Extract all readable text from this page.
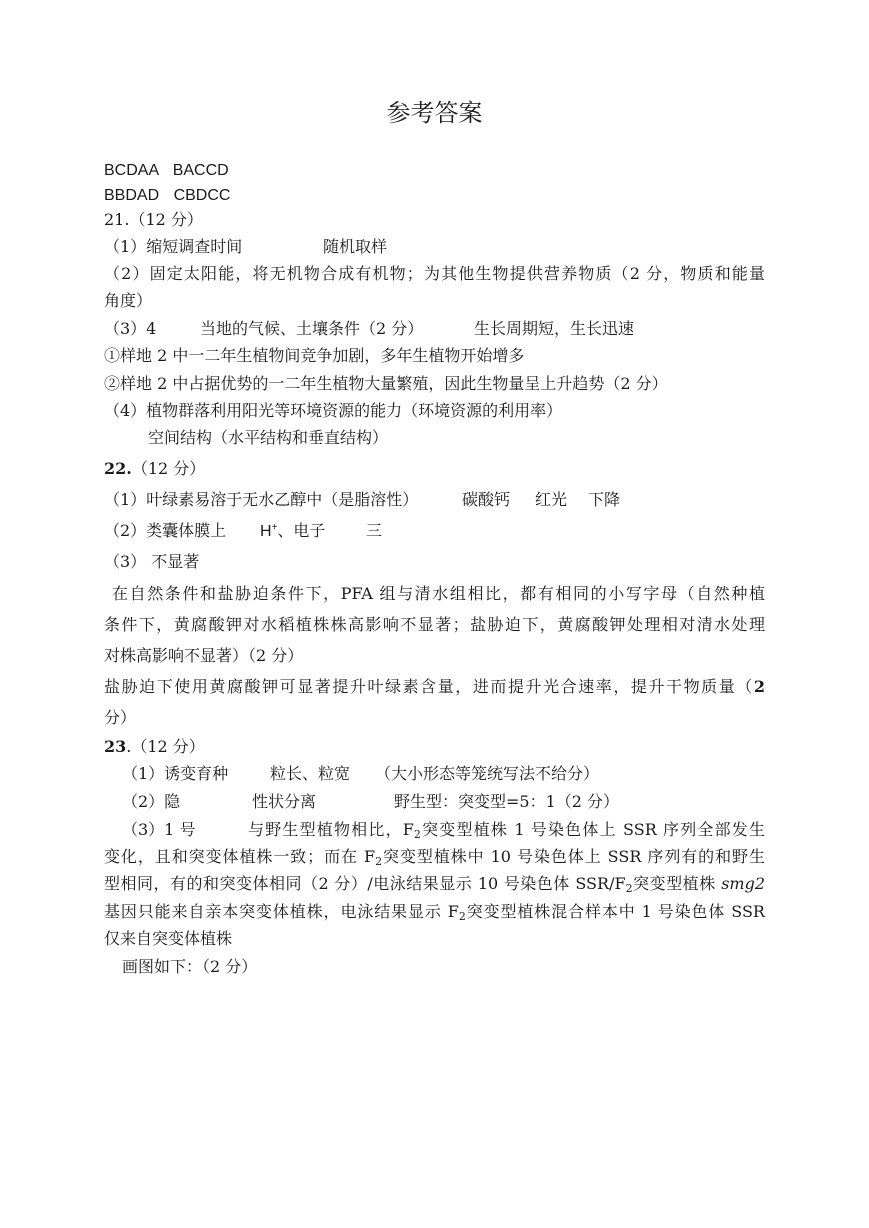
参考答案
BCDAA BACCD
BBDAD CBDCC
21.（12 分）
（1）缩短调查时间	随机取样
（2）固定太阳能，将无机物合成有机物；为其他生物提供营养物质（2 分，物质和能量
角度）
（3）4	当地的气候、土壤条件（2 分）	生长周期短，生长迅速
①样地 2 中一二年生植物间竞争加剧，多年生植物开始增多
②样地 2 中占据优势的一二年生植物大量繁殖，因此生物量呈上升趋势（2 分）
（4）植物群落利用阳光等环境资源的能力（环境资源的利用率）
空间结构（水平结构和垂直结构）
22.（12 分）
（1）叶绿素易溶于无水乙醇中（是脂溶性）	碳酸钙 红光 下降
（2）类囊体膜上 H+、电子	三
（3） 不显著
在自然条件和盐胁迫条件下，PFA 组与清水组相比，都有相同的小写字母（自然种植
条件下，黄腐酸钾对水稻植株株高影响不显著；盐胁迫下，黄腐酸钾处理相对清水处理
对株高影响不显著）（2 分）
盐胁迫下使用黄腐酸钾可显著提升叶绿素含量，进而提升光合速率，提升干物质量（2
分）
23.（12 分）
（1）诱变育种	粒长、粒宽 （大小形态等笼统写法不给分）
（2）隐	性状分离	野生型：突变型=5：1（2 分）
（3）1 号	与野生型植物相比，$F_2$突变型植株 1 号染色体上 SSR 序列全部发生
变化，且和突变体植株一致；而在 $F_2$突变型植株中 10 号染色体上 SSR 序列有的和野生
型相同，有的和突变体相同（2 分）/电泳结果显示 10 号染色体 SSR/$F_2$突变型植株 smg2
基因只能来自亲本突变体植株，电泳结果显示 $F_2$突变型植株混合样本中 1 号染色体 SSR
仅来自突变体植株
画图如下：（2 分）
